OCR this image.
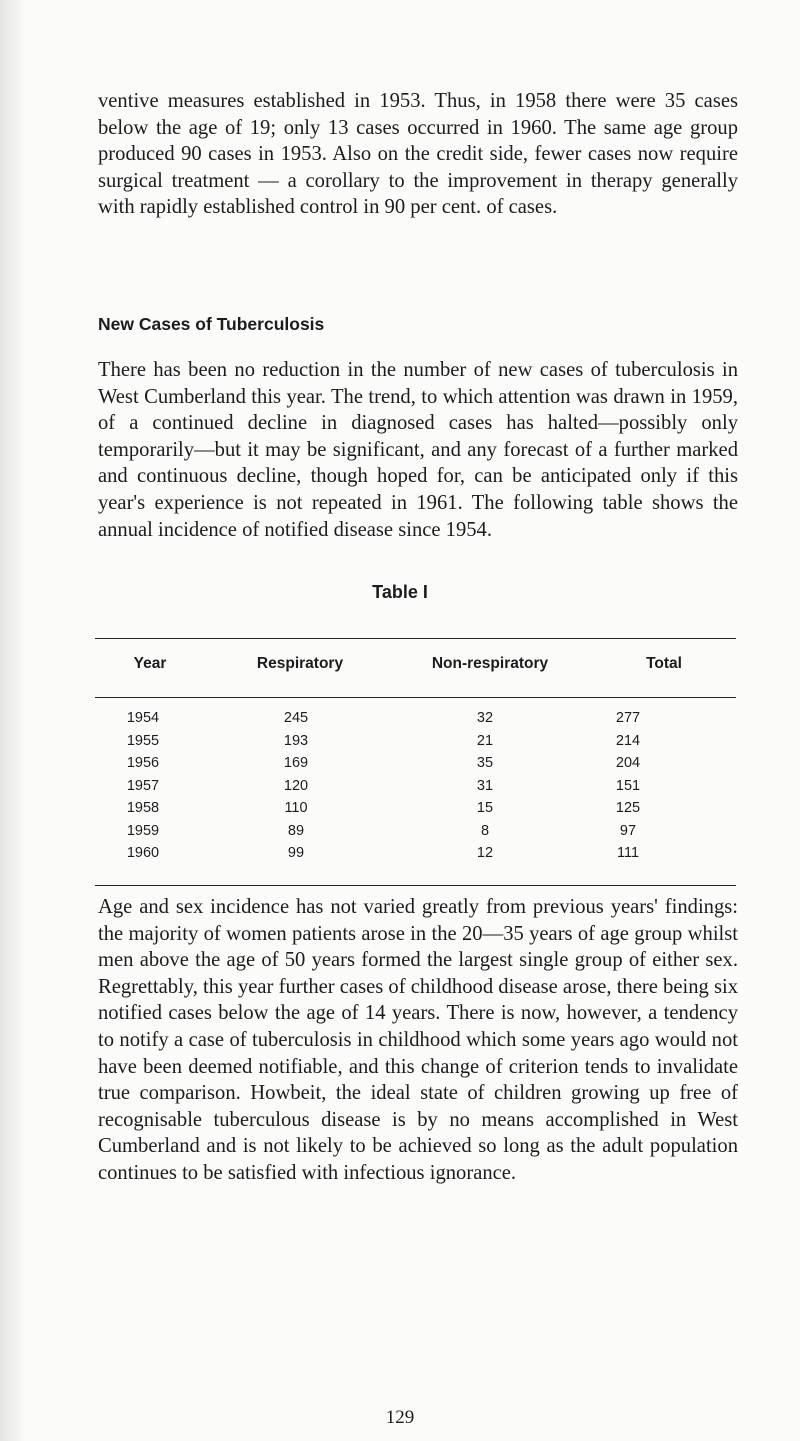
ventive measures established in 1953. Thus, in 1958 there were 35 cases below the age of 19; only 13 cases occurred in 1960. The same age group produced 90 cases in 1953. Also on the credit side, fewer cases now require surgical treatment — a corollary to the improvement in therapy generally with rapidly established control in 90 per cent. of cases.

New Cases of Tuberculosis

There has been no reduction in the number of new cases of tuberculosis in West Cumberland this year. The trend, to which attention was drawn in 1959, of a continued decline in diagnosed cases has halted—possibly only temporarily—but it may be significant, and any forecast of a further marked and continuous decline, though hoped for, can be anticipated only if this year's experience is not repeated in 1961. The following table shows the annual incidence of notified disease since 1954.

Table I
Year	Respiratory	Non-respiratory	Total
1954	245	32	277
1955	193	21	214
1956	169	35	204
1957	120	31	151
1958	110	15	125
1959	89	8	97
1960	99	12	111

Age and sex incidence has not varied greatly from previous years' findings: the majority of women patients arose in the 20—35 years of age group whilst men above the age of 50 years formed the largest single group of either sex. Regrettably, this year further cases of childhood disease arose, there being six notified cases below the age of 14 years. There is now, however, a tendency to notify a case of tuberculosis in childhood which some years ago would not have been deemed notifiable, and this change of criterion tends to invalidate true comparison. Howbeit, the ideal state of children growing up free of recognisable tuberculous disease is by no means accomplished in West Cumberland and is not likely to be achieved so long as the adult population continues to be satisfied with infectious ignorance.

129
